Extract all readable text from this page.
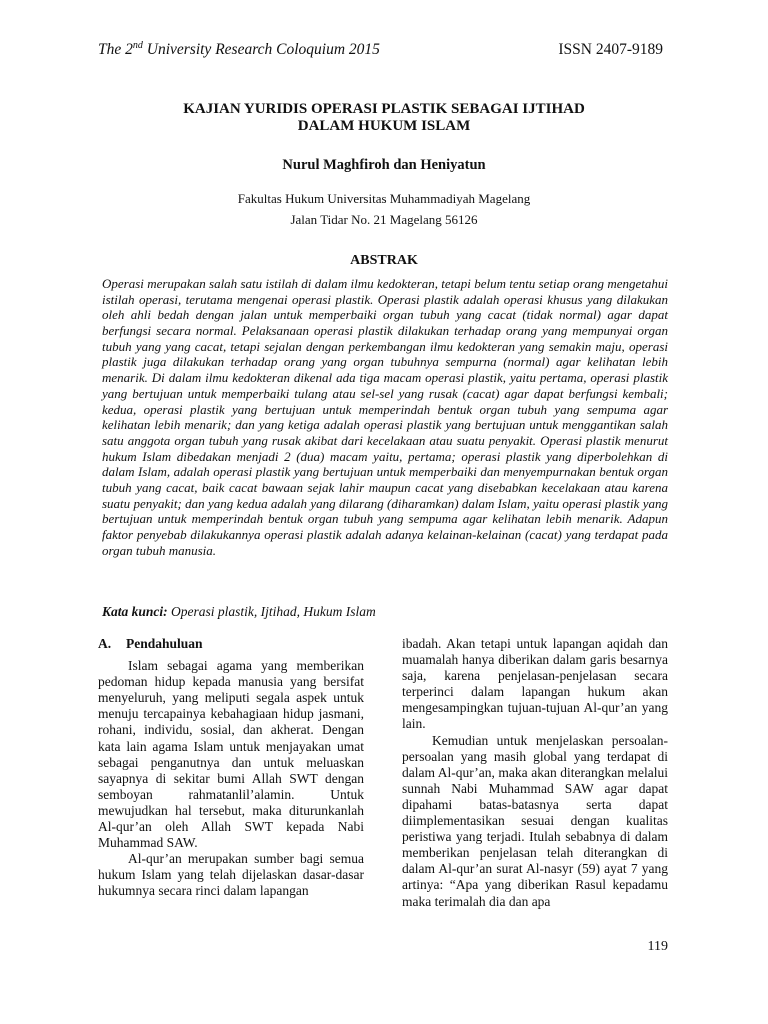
The 2nd University Research Coloquium 2015	ISSN 2407-9189
KAJIAN YURIDIS OPERASI PLASTIK SEBAGAI IJTIHAD
DALAM HUKUM ISLAM
Nurul Maghfiroh dan Heniyatun
Fakultas Hukum Universitas Muhammadiyah Magelang
Jalan Tidar No. 21 Magelang 56126
ABSTRAK
Operasi merupakan salah satu istilah di dalam ilmu kedokteran, tetapi belum tentu setiap orang mengetahui istilah operasi, terutama mengenai operasi plastik. Operasi plastik adalah operasi khusus yang dilakukan oleh ahli bedah dengan jalan untuk memperbaiki organ tubuh yang cacat (tidak normal) agar dapat berfungsi secara normal. Pelaksanaan operasi plastik dilakukan terhadap orang yang mempunyai organ tubuh yang yang cacat, tetapi sejalan dengan perkembangan ilmu kedokteran yang semakin maju, operasi plastik juga dilakukan terhadap orang yang organ tubuhnya sempurna (normal) agar kelihatan lebih menarik. Di dalam ilmu kedokteran dikenal ada tiga macam operasi plastik, yaitu pertama, operasi plastik yang bertujuan untuk memperbaiki tulang atau sel-sel yang rusak (cacat) agar dapat berfungsi kembali; kedua, operasi plastik yang bertujuan untuk memperindah bentuk organ tubuh yang sempuma agar kelihatan lebih menarik; dan yang ketiga adalah operasi plastik yang bertujuan untuk menggantikan salah satu anggota organ tubuh yang rusak akibat dari kecelakaan atau suatu penyakit. Operasi plastik menurut hukum Islam dibedakan menjadi 2 (dua) macam yaitu, pertama; operasi plastik yang diperbolehkan di dalam Islam, adalah operasi plastik yang bertujuan untuk memperbaiki dan menyempurnakan bentuk organ tubuh yang cacat, baik cacat bawaan sejak lahir maupun cacat yang disebabkan kecelakaan atau karena suatu penyakit; dan yang kedua adalah yang dilarang (diharamkan) dalam Islam, yaitu operasi plastik yang bertujuan untuk memperindah bentuk organ tubuh yang sempuma agar kelihatan lebih menarik. Adapun faktor penyebab dilakukannya operasi plastik adalah adanya kelainan-kelainan (cacat) yang terdapat pada organ tubuh manusia.
Kata kunci: Operasi plastik, Ijtihad, Hukum Islam

A. Pendahuluan

Islam sebagai agama yang memberikan pedoman hidup kepada manusia yang bersifat menyeluruh, yang meliputi segala aspek untuk menuju tercapainya kebahagiaan hidup jasmani, rohani, individu, sosial, dan akherat. Dengan kata lain agama Islam untuk menjayakan umat sebagai penganutnya dan untuk meluaskan sayapnya di sekitar bumi Allah SWT dengan semboyan rahmatanlil’alamin. Untuk mewujudkan hal tersebut, maka diturunkanlah Al-qur’an oleh Allah SWT kepada Nabi Muhammad SAW.

Al-qur’an merupakan sumber bagi semua hukum Islam yang telah dijelaskan dasar-dasar hukumnya secara rinci dalam lapangan

ibadah. Akan tetapi untuk lapangan aqidah dan muamalah hanya diberikan dalam garis besarnya saja, karena penjelasan-penjelasan secara terperinci dalam lapangan hukum akan mengesampingkan tujuan-tujuan Al-qur’an yang lain.

Kemudian untuk menjelaskan persoalan-persoalan yang masih global yang terdapat di dalam Al-qur’an, maka akan diterangkan melalui sunnah Nabi Muhammad SAW agar dapat dipahami batas-batasnya serta dapat diimplementasikan sesuai dengan kualitas peristiwa yang terjadi. Itulah sebabnya di dalam memberikan penjelasan telah diterangkan di dalam Al-qur’an surat Al-nasyr (59) ayat 7 yang artinya: “Apa yang diberikan Rasul kepadamu maka terimalah dia dan apa

119
